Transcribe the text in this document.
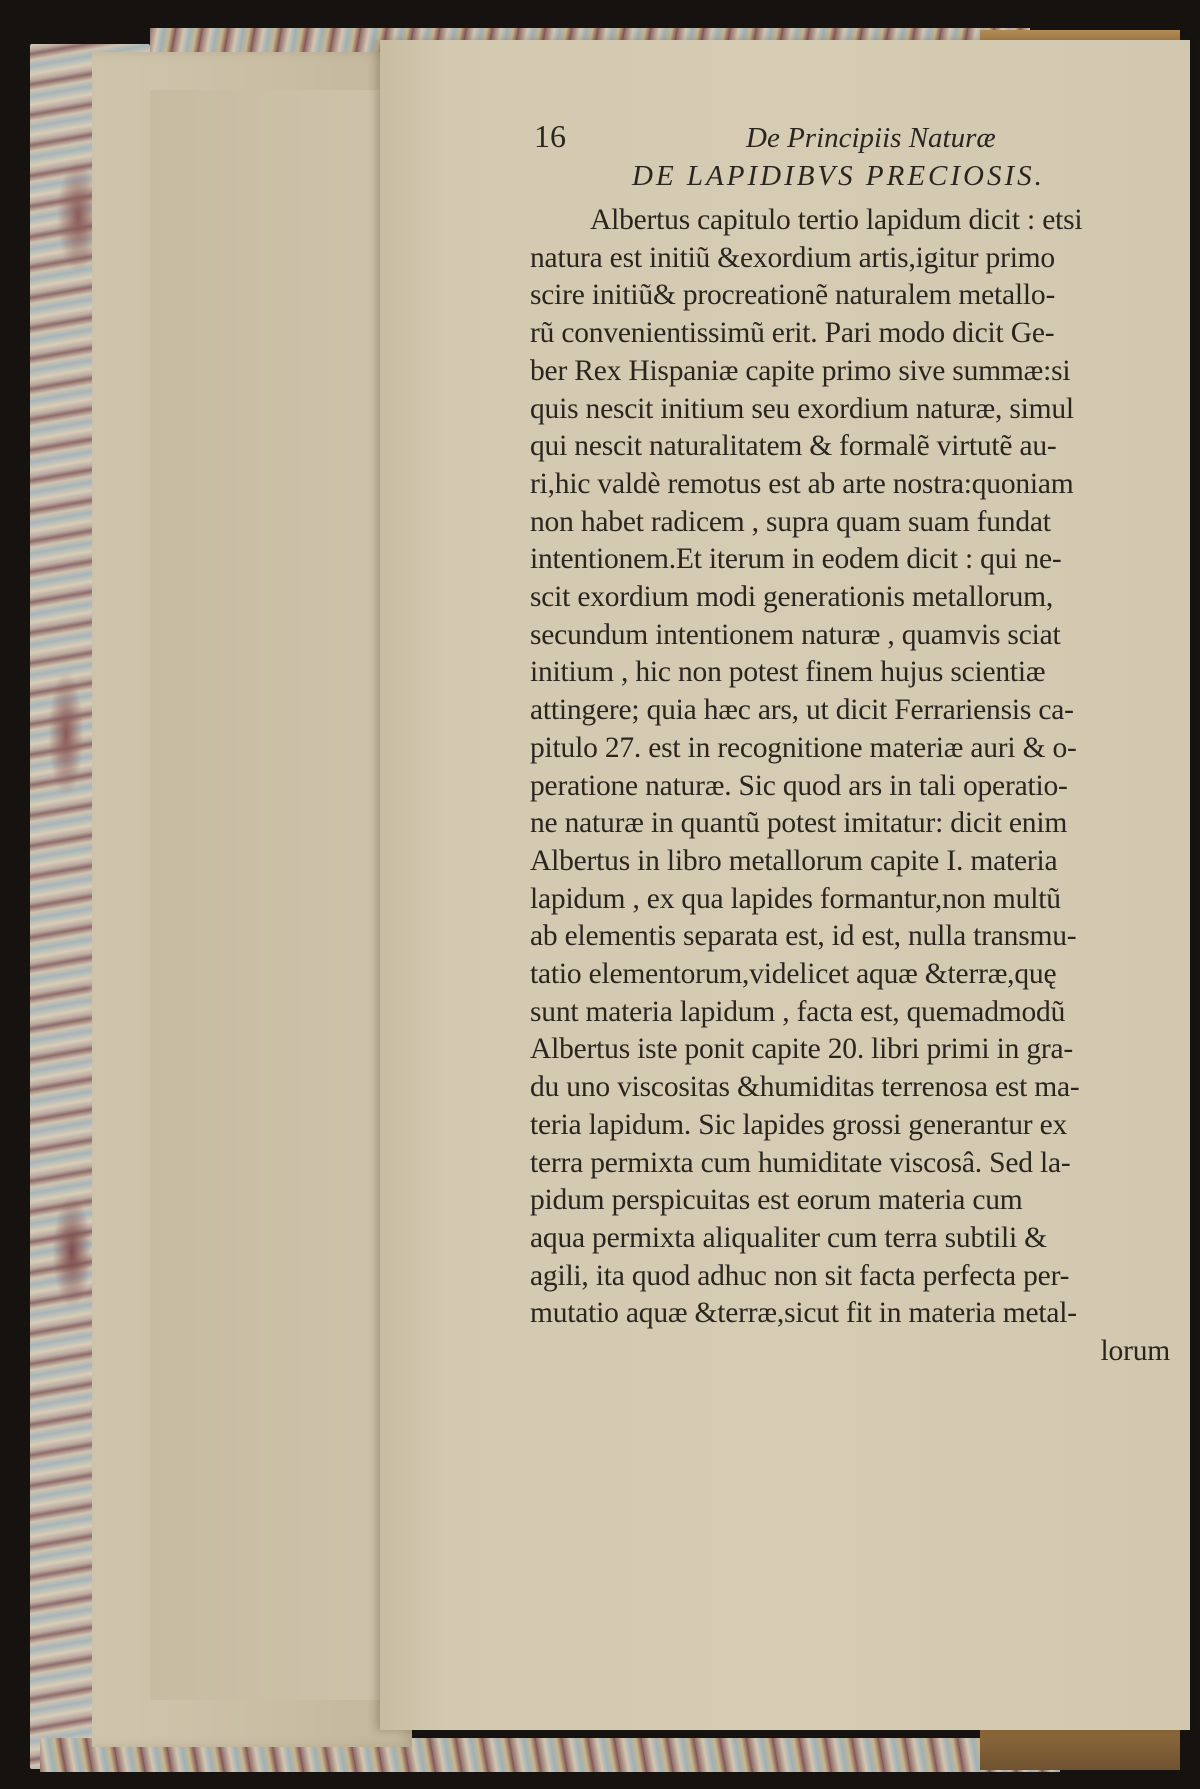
16	De Principiis Naturæ
DE LAPIDIBVS PRECIOSIS.
Albertus capitulo tertio lapidum dicit : etsi
natura est initiũ &exordium artis,igitur primo
scire initiũ& procreationẽ naturalem metallo-
rũ convenientissimũ erit. Pari modo dicit Ge-
ber Rex Hispaniæ capite primo sive summæ:si
quis nescit initium seu exordium naturæ, simul
qui nescit naturalitatem & formalẽ virtutẽ au-
ri,hic valdè remotus est ab arte nostra:quoniam
non habet radicem , supra quam suam fundat
intentionem.Et iterum in eodem dicit : qui ne-
scit exordium modi generationis metallorum,
secundum intentionem naturæ , quamvis sciat
initium , hic non potest finem hujus scientiæ
attingere; quia hæc ars, ut dicit Ferrariensis ca-
pitulo 27. est in recognitione materiæ auri & o-
peratione naturæ. Sic quod ars in tali operatio-
ne naturæ in quantũ potest imitatur: dicit enim
Albertus in libro metallorum capite I. materia
lapidum , ex qua lapides formantur,non multũ
ab elementis separata est, id est, nulla transmu-
tatio elementorum,videlicet aquæ &terræ,quę
sunt materia lapidum , facta est, quemadmodũ
Albertus iste ponit capite 20. libri primi in gra-
du uno viscositas &humiditas terrenosa est ma-
teria lapidum. Sic lapides grossi generantur ex
terra permixta cum humiditate viscosâ. Sed la-
pidum perspicuitas est eorum materia cum
aqua permixta aliqualiter cum terra subtili &
agili, ita quod adhuc non sit facta perfecta per-
mutatio aquæ &terræ,sicut fit in materia metal-
lorum
